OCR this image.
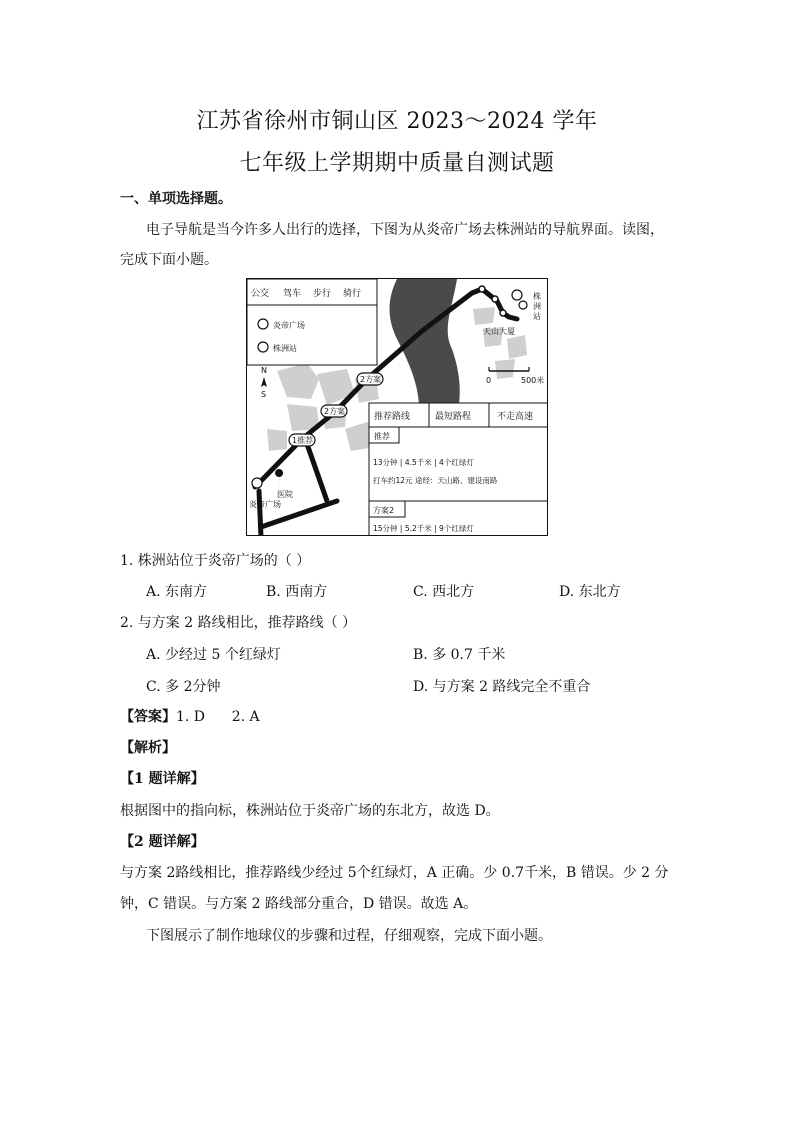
江苏省徐州市铜山区 2023～2024 学年
七年级上学期期中质量自测试题
一、单项选择题。
电子导航是当今许多人出行的选择，下图为从炎帝广场去株洲站的导航界面。读图，
完成下面小题。
公交 驾车 步行 骑行
炎帝广场
株洲站
N
S
0	500米
株
洲
站
天山大厦
医院
炎帝广场
2方案
2方案
1推荐
推荐路线	最短路程	不走高速
推荐
13分钟 | 4.5千米 | 4个红绿灯
打车约12元 途经：天山路、建设南路
方案2
15分钟 | 5.2千米 | 9个红绿灯
1. 株洲站位于炎帝广场的（ ）
A. 东南方	B. 西南方	C. 西北方	D. 东北方
2. 与方案 2 路线相比，推荐路线（ ）
A. 少经过 5 个红绿灯	B. 多 0.7 千米
C. 多 2分钟	D. 与方案 2 路线完全不重合
【答案】1. D      2. A
【解析】
【1 题详解】
根据图中的指向标，株洲站位于炎帝广场的东北方，故选 D。
【2 题详解】
与方案 2路线相比，推荐路线少经过 5个红绿灯，A 正确。少 0.7千米，B 错误。少 2 分
钟，C 错误。与方案 2 路线部分重合，D 错误。故选 A。
下图展示了制作地球仪的步骤和过程，仔细观察，完成下面小题。
